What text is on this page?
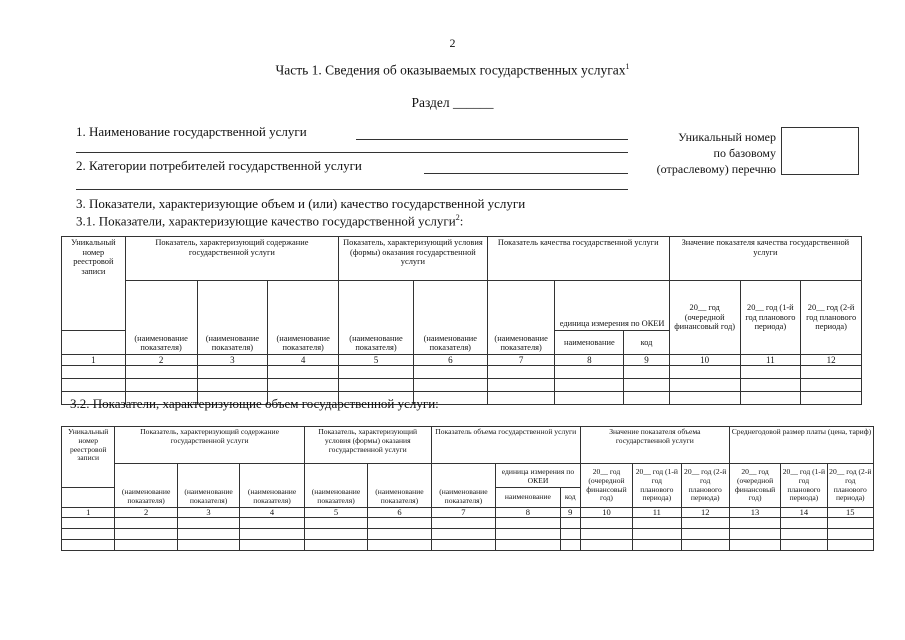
2
Часть 1. Сведения об оказываемых государственных услугах$^1$
Раздел ______
1. Наименование государственной услуги
2. Категории потребителей государственной услуги
Уникальный номер
по базовому
(отраслевому) перечню
3. Показатели, характеризующие объем и (или) качество государственной услуги
3.1. Показатели, характеризующие качество государственной услуги$^2$:
Уникальный номер реестровой записи	Показатель, характеризующий содержание государственной услуги			Показатель, характеризующий условия (формы) оказания государственной услуги		Показатель качества государственной услуги			Значение показателя качества государственной услуги		
	(наименование показателя)	(наименование показателя)	(наименование показателя)	(наименование показателя)	(наименование показателя)	(наименование показателя)	единица измерения по ОКЕИ		20__ год (очередной финансовый год)	20__ год (1-й год планового периода)	20__ год (2-й год планового периода)
							наименование	код			
1	2	3	4	5	6	7	8	9	10	11	12

3.2. Показатели, характеризующие объем государственной услуги:
Уникальный номер реестровой записи	Показатель, характеризующий содержание государственной услуги			Показатель, характеризующий условия (формы) оказания государственной услуги		Показатель объема государственной услуги			Значение показателя объема государственной услуги			Среднегодовой размер платы (цена, тариф)		
	(наименование показателя)	(наименование показателя)	(наименование показателя)	(наименование показателя)	(наименование показателя)	(наименование показателя)	единица измерения по ОКЕИ		20__ год (очередной финансовый год)	20__ год (1-й год планового периода)	20__ год (2-й год планового периода)	20__ год (очередной финансовый год)	20__ год (1-й год планового периода)	20__ год (2-й год планового периода)
							наименование	код						
1	2	3	4	5	6	7	8	9	10	11	12	13	14	15
